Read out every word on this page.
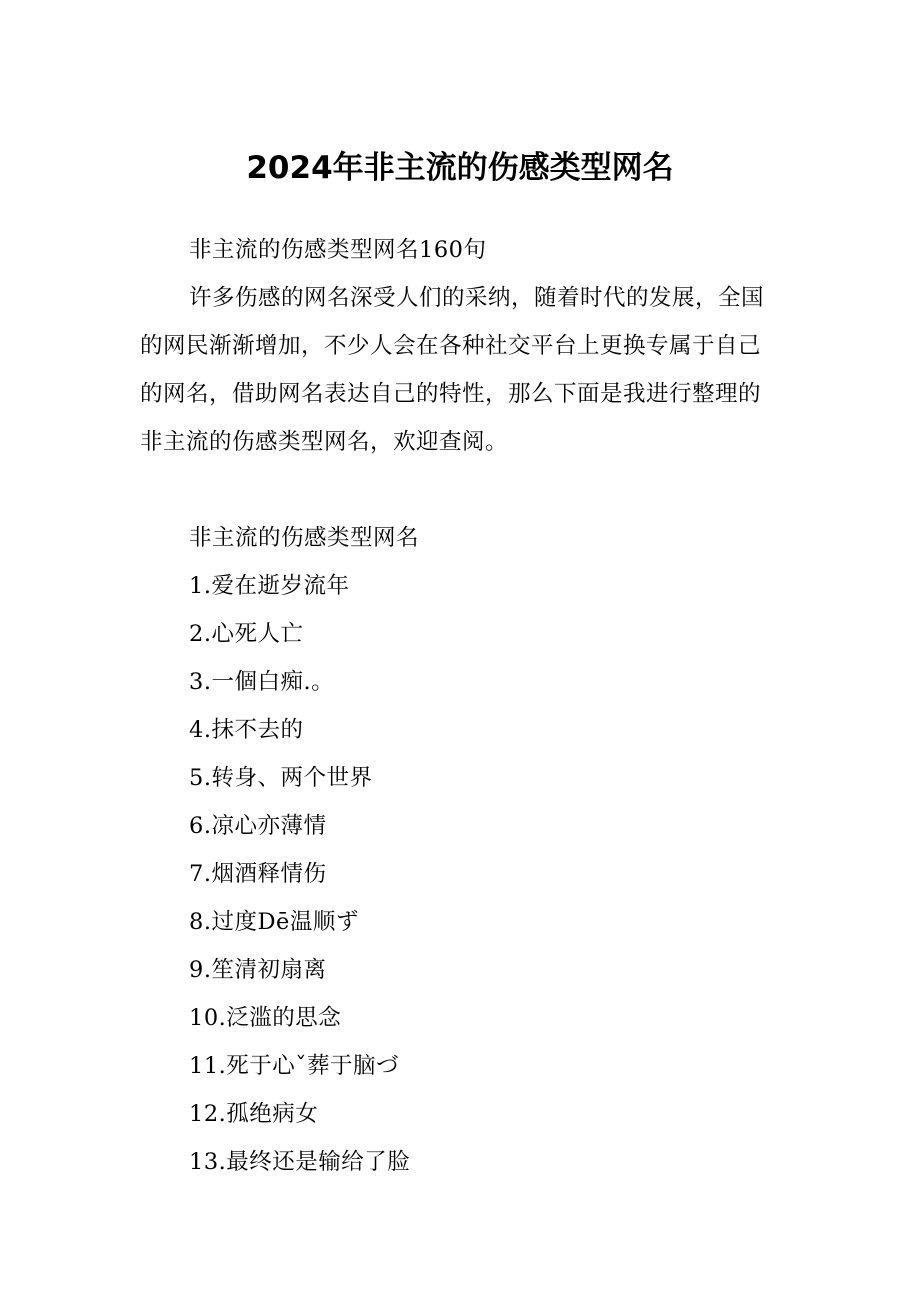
2024年非主流的伤感类型网名

非主流的伤感类型网名160句

许多伤感的网名深受人们的采纳，随着时代的发展，全国的网民渐渐增加，不少人会在各种社交平台上更换专属于自己的网名，借助网名表达自己的特性，那么下面是我进行整理的非主流的伤感类型网名，欢迎查阅。

非主流的伤感类型网名

1.爱在逝岁流年

2.心死人亡

3.一個白痴.。

4.抹不去的

5.转身、两个世界

6.凉心亦薄情

7.烟酒释情伤

8.过度Dē温顺ず

9.笙清初扇离

10.泛滥的思念

11.死于心ˇ葬于脑づ

12.孤绝病女

13.最终还是输给了脸
